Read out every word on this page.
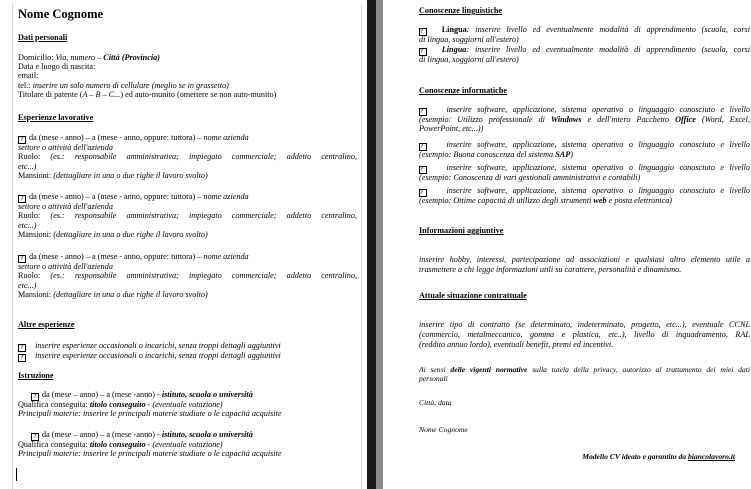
Nome Cognome
Dati personali
Domicilio: Via, numero – Città (Provincia)
Data e luogo di nascita:
email:
tel.: inserire un solo numero di cellulare (meglio se in grassetto)
Titolare di patente (A – B – C...) ed auto-munito (omettere se non auto-munito)
Esperienze lavorative
? da (mese - anno) – a (mese - anno, oppure: tuttora) – nome azienda
settore o attività dell'azienda
Ruolo: (es.: responsabile amministrativa; impiegato commerciale; addetto centralino,
etc...)
Mansioni: (dettagliare in una o due righe il lavoro svolto)
? da (mese - anno) – a (mese - anno, oppure: tuttora) – nome azienda
settore o attività dell'azienda
Ruolo: (es.: responsabile amministrativa; impiegato commerciale; addetto centralino,
etc...)
Mansioni: (dettagliare in una o due righe il lavoro svolto)
? da (mese - anno) – a (mese - anno, oppure: tuttora) – nome azienda
settore o attività dell'azienda
Ruolo: (es.: responsabile amministrativa; impiegato commerciale; addetto centralino,
etc...)
Mansioni: (dettagliare in una o due righe il lavoro svolto)
Altre esperienze
? inserire esperienze occasionali o incarichi, senza troppi dettagli aggiuntivi
? inserire esperienze occasionali o incarichi, senza troppi dettagli aggiuntivi
Istruzione
? da (mese – anno) – a (mese -anno) - istituto, scuola o università
Qualifica conseguita: titolo conseguito - (eventuale votazione)
Principali materie: inserire le principali materie studiate o le capacità acquisite
? da (mese – anno) – a (mese -anno) - istituto, scuola o università
Qualifica conseguita: titolo conseguito - (eventuale votazione)
Principali materie: inserire le principali materie studiate o le capacità acquisite
Conoscenze linguistiche
? Lingua: inserire livello ed eventualmente modalità di apprendimento (scuola, corsi
di lingua, soggiorni all'estero)
? Lingua: inserire livello ed eventualmente modalità di apprendimento (scuola, corsi
di lingua, soggiorni all'estero)
Conoscenze informatiche
?	inserire software, applicazione, sistema operativo o linguaggio conosciuto e livello
(esempio: Utilizzo professionale di Windows e dell'intero Pacchetto Office (Word, Excel,
PowerPoint, etc...))
?	inserire software, applicazione, sistema operativo o linguaggio conosciuto e livello
(esempio: Buona conoscenza del sistema SAP)
?	inserire software, applicazione, sistema operativo o linguaggio conosciuto e livello
(esempio: Conoscenza di vari gestionali amministrativi e contabili)
?	inserire software, applicazione, sistema operativo o linguaggio conosciuto e livello
(esempio: Ottime capacità di utilizzo degli strumenti web e posta elettronica)
Informazioni aggiuntive
inserire hobby, interessi, partecipazione ad associazioni e qualsiasi altro elemento utile a
trasmettere a chi legge informazioni utili su carattere, personalità e dinamismo.
Attuale situazione contrattuale
inserire tipo di contratto (se determinato, indeterminato, progetto, etc...), eventuale CCNL
(commercio, metalmeccanico, gomma e plastica, etc..), livello di inquadramento, RAL
(reddito annuo lordo), eventuali benefit, premi ed incentivi.
Ai sensi delle vigenti normative sulla tutela della privacy, autorizzo al trattamento dei miei dati
personali
Città, data
Nome Cognome
Modello CV ideato e garantito da biancolavoro.it
